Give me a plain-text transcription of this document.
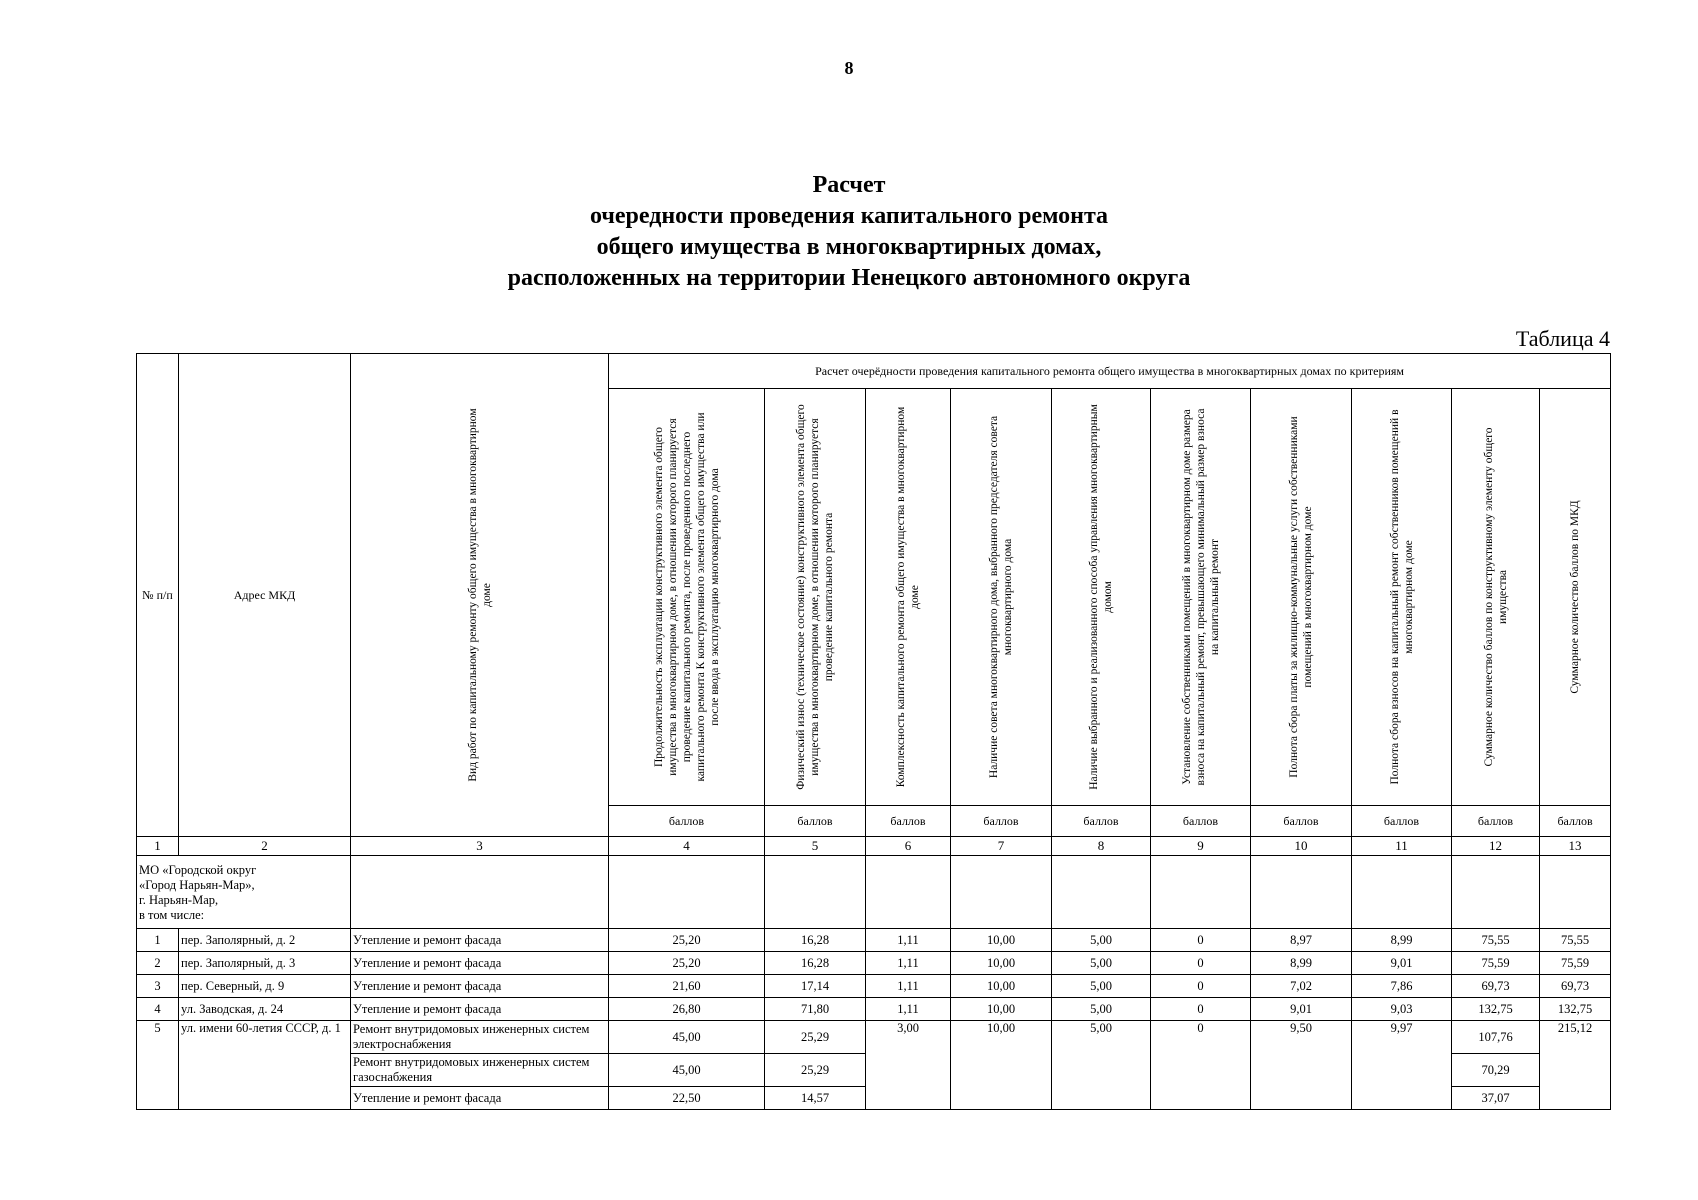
8
Расчет
очередности проведения капитального ремонта
общего имущества в многоквартирных домах,
расположенных на территории Ненецкого автономного округа
Таблица 4
№ п/п	Адрес МКД	Вид работ по капитальному ремонту общего имущества в многоквартирном доме	Расчет очерёдности проведения капитального ремонта общего имущества в многоквартирных домах по критериям									

			Продолжительность эксплуатации конструктивного элемента общего имущества в многоквартирном доме, в отношении которого планируется проведение капитального ремонта, после проведенного последнего капитального ремонта К конструктивного элемента общего имущества или после ввода в эксплуатацию многоквартирного дома	Физический износ (техническое состояние) конструктивного элемента общего имущества в многоквартирном доме, в отношении которого планируется проведение капитального ремонта	Комплексность капитального ремонта общего имущества в многоквартирном доме	Наличие совета многоквартирного дома, выбранного председателя совета многоквартирного дома	Наличие выбранного и реализованного способа управления многоквартирным домом	Установление собственниками помещений в многоквартирном доме размера взноса на капитальный ремонт, превышающего минимальный размер взноса на капитальный ремонт	Полнота сбора платы за жилищно-коммунальные услуги собственниками помещений в многоквартирном доме	Полнота сбора взносов на капитальный ремонт собственников помещений в многоквартирном доме	Суммарное количество баллов по конструктивному элементу общего имущества	Суммарное количество баллов по МКД

			баллов	баллов	баллов	баллов	баллов	баллов	баллов	баллов	баллов	баллов
1	2	3	4	5	6	7	8	9	10	11	12	13

МО «Городской округ
«Город Нарьян-Мар»,
г. Нарьян-Мар,
в том числе:												

1	пер. Заполярный, д. 2	Утепление и ремонт фасада	25,20	16,28	1,11	10,00	5,00	0	8,97	8,99	75,55	75,55
2	пер. Заполярный, д. 3	Утепление и ремонт фасада	25,20	16,28	1,11	10,00	5,00	0	8,99	9,01	75,59	75,59
3	пер. Северный, д. 9	Утепление и ремонт фасада	21,60	17,14	1,11	10,00	5,00	0	7,02	7,86	69,73	69,73
4	ул. Заводская, д. 24	Утепление и ремонт фасада	26,80	71,80	1,11	10,00	5,00	0	9,01	9,03	132,75	132,75
5	ул. имени 60-летия СССР, д. 1	Ремонт внутридомовых инженерных систем электроснабжения	45,00	25,29	3,00	10,00	5,00	0	9,50	9,97	107,76	215,12
		Ремонт внутридомовых инженерных систем газоснабжения	45,00	25,29							70,29	
		Утепление и ремонт фасада	22,50	14,57							37,07	
